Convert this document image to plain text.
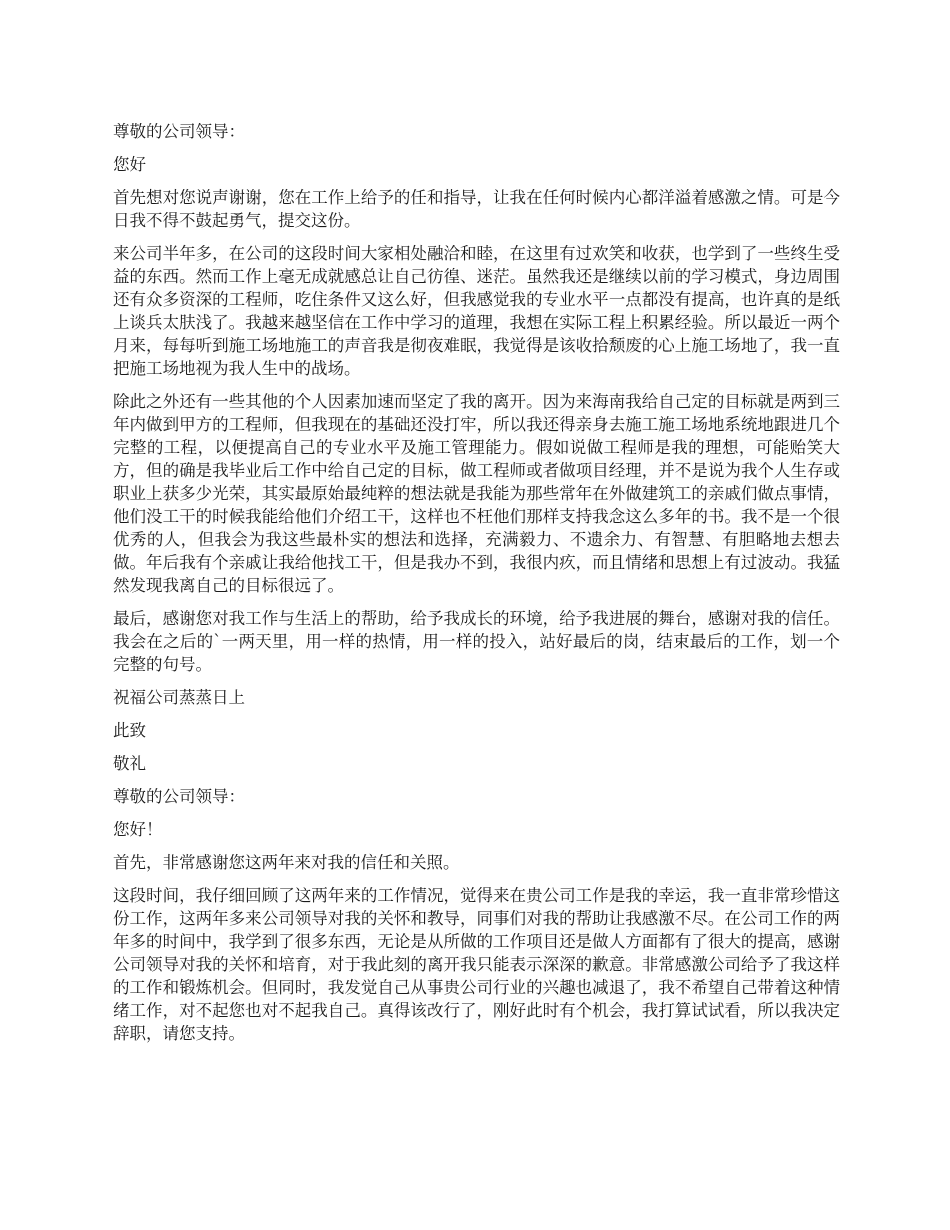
尊敬的公司领导：

您好

首先想对您说声谢谢，您在工作上给予的任和指导，让我在任何时候内心都洋溢着感激之情。可是今日我不得不鼓起勇气，提交这份。

来公司半年多，在公司的这段时间大家相处融洽和睦，在这里有过欢笑和收获，也学到了一些终生受益的东西。然而工作上毫无成就感总让自己彷徨、迷茫。虽然我还是继续以前的学习模式，身边周围还有众多资深的工程师，吃住条件又这么好，但我感觉我的专业水平一点都没有提高，也许真的是纸上谈兵太肤浅了。我越来越坚信在工作中学习的道理，我想在实际工程上积累经验。所以最近一两个月来，每每听到施工场地施工的声音我是彻夜难眠，我觉得是该收拾颓废的心上施工场地了，我一直把施工场地视为我人生中的战场。

除此之外还有一些其他的个人因素加速而坚定了我的离开。因为来海南我给自己定的目标就是两到三年内做到甲方的工程师，但我现在的基础还没打牢，所以我还得亲身去施工施工场地系统地跟进几个完整的工程，以便提高自己的专业水平及施工管理能力。假如说做工程师是我的理想，可能贻笑大方，但的确是我毕业后工作中给自己定的目标，做工程师或者做项目经理，并不是说为我个人生存或职业上获多少光荣，其实最原始最纯粹的想法就是我能为那些常年在外做建筑工的亲戚们做点事情，他们没工干的时候我能给他们介绍工干，这样也不枉他们那样支持我念这么多年的书。我不是一个很优秀的人，但我会为我这些最朴实的想法和选择，充满毅力、不遗余力、有智慧、有胆略地去想去做。年后我有个亲戚让我给他找工干，但是我办不到，我很内疚，而且情绪和思想上有过波动。我猛然发现我离自己的目标很远了。

最后，感谢您对我工作与生活上的帮助，给予我成长的环境，给予我进展的舞台，感谢对我的信任。我会在之后的`一两天里，用一样的热情，用一样的投入，站好最后的岗，结束最后的工作，划一个完整的句号。

祝福公司蒸蒸日上

此致

敬礼

尊敬的公司领导：

您好！

首先，非常感谢您这两年来对我的信任和关照。

这段时间，我仔细回顾了这两年来的工作情况，觉得来在贵公司工作是我的幸运，我一直非常珍惜这份工作，这两年多来公司领导对我的关怀和教导，同事们对我的帮助让我感激不尽。在公司工作的两年多的时间中，我学到了很多东西，无论是从所做的工作项目还是做人方面都有了很大的提高，感谢公司领导对我的关怀和培育，对于我此刻的离开我只能表示深深的歉意。非常感激公司给予了我这样的工作和锻炼机会。但同时，我发觉自己从事贵公司行业的兴趣也减退了，我不希望自己带着这种情绪工作，对不起您也对不起我自己。真得该改行了，刚好此时有个机会，我打算试试看，所以我决定辞职，请您支持。
